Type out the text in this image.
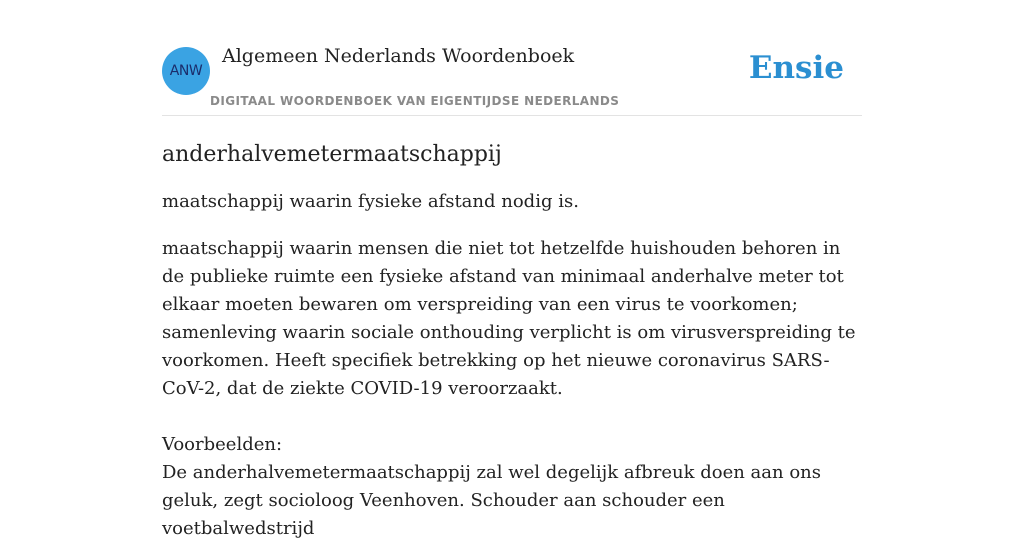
ANW
Algemeen Nederlands Woordenboek
DIGITAAL WOORDENBOEK VAN EIGENTIJDSE NEDERLANDS
Ensie
anderhalvemetermaatschappij

maatschappij waarin fysieke afstand nodig is.

maatschappij waarin mensen die niet tot hetzelfde huishouden behoren in de publieke ruimte een fysieke afstand van minimaal anderhalve meter tot elkaar moeten bewaren om verspreiding van een virus te voorkomen; samenleving waarin sociale onthouding verplicht is om virusverspreiding te voorkomen. Heeft specifiek betrekking op het nieuwe coronavirus SARS-CoV-2, dat de ziekte COVID-19 veroorzaakt.

Voorbeelden:

De anderhalvemetermaatschappij zal wel degelijk afbreuk doen aan ons geluk, zegt socioloog Veenhoven. Schouder aan schouder een voetbalwedstrijd
